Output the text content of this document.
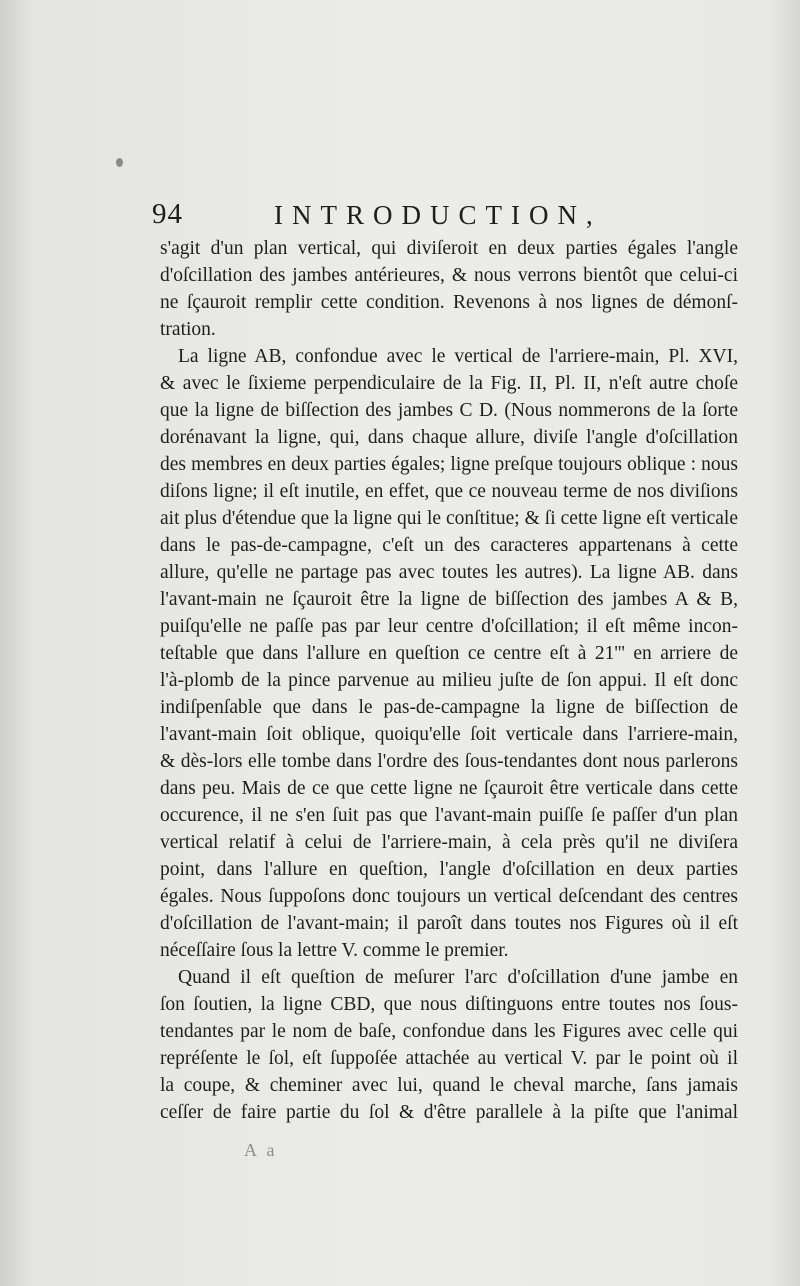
94	INTRODUCTION,
s'agit d'un plan vertical, qui diviſeroit en deux parties égales l'angle
d'oſcillation des jambes antérieures, & nous verrons bientôt que celui-ci
ne ſçauroit remplir cette condition. Revenons à nos lignes de démonſ-
tration.
La ligne AB, confondue avec le vertical de l'arriere-main, Pl. XVI,
& avec le ſixieme perpendiculaire de la Fig. II, Pl. II, n'eſt autre choſe
que la ligne de biſſection des jambes C D. (Nous nommerons de la ſorte
dorénavant la ligne, qui, dans chaque allure, diviſe l'angle d'oſcillation
des membres en deux parties égales; ligne preſque toujours oblique : nous
diſons ligne; il eſt inutile, en effet, que ce nouveau terme de nos diviſions
ait plus d'étendue que la ligne qui le conſtitue; & ſi cette ligne eſt verticale
dans le pas-de-campagne, c'eſt un des caracteres appartenans à cette
allure, qu'elle ne partage pas avec toutes les autres). La ligne AB. dans
l'avant-main ne ſçauroit être la ligne de biſſection des jambes A & B,
puiſqu'elle ne paſſe pas par leur centre d'oſcillation; il eſt même incon-
teſtable que dans l'allure en queſtion ce centre eſt à 21''' en arriere de
l'à-plomb de la pince parvenue au milieu juſte de ſon appui. Il eſt donc
indiſpenſable que dans le pas-de-campagne la ligne de biſſection de
l'avant-main ſoit oblique, quoiqu'elle ſoit verticale dans l'arriere-main,
& dès-lors elle tombe dans l'ordre des ſous-tendantes dont nous parlerons
dans peu. Mais de ce que cette ligne ne ſçauroit être verticale dans cette
occurence, il ne s'en ſuit pas que l'avant-main puiſſe ſe paſſer d'un plan
vertical relatif à celui de l'arriere-main, à cela près qu'il ne diviſera
point, dans l'allure en queſtion, l'angle d'oſcillation en deux parties
égales. Nous ſuppoſons donc toujours un vertical deſcendant des centres
d'oſcillation de l'avant-main; il paroît dans toutes nos Figures où il eſt
néceſſaire ſous la lettre V. comme le premier.
Quand il eſt queſtion de meſurer l'arc d'oſcillation d'une jambe en
ſon ſoutien, la ligne CBD, que nous diſtinguons entre toutes nos ſous-
tendantes par le nom de baſe, confondue dans les Figures avec celle qui
repréſente le ſol, eſt ſuppoſée attachée au vertical V. par le point où il
la coupe, & cheminer avec lui, quand le cheval marche, ſans jamais
ceſſer de faire partie du ſol & d'être parallele à la piſte que l'animal
A a
